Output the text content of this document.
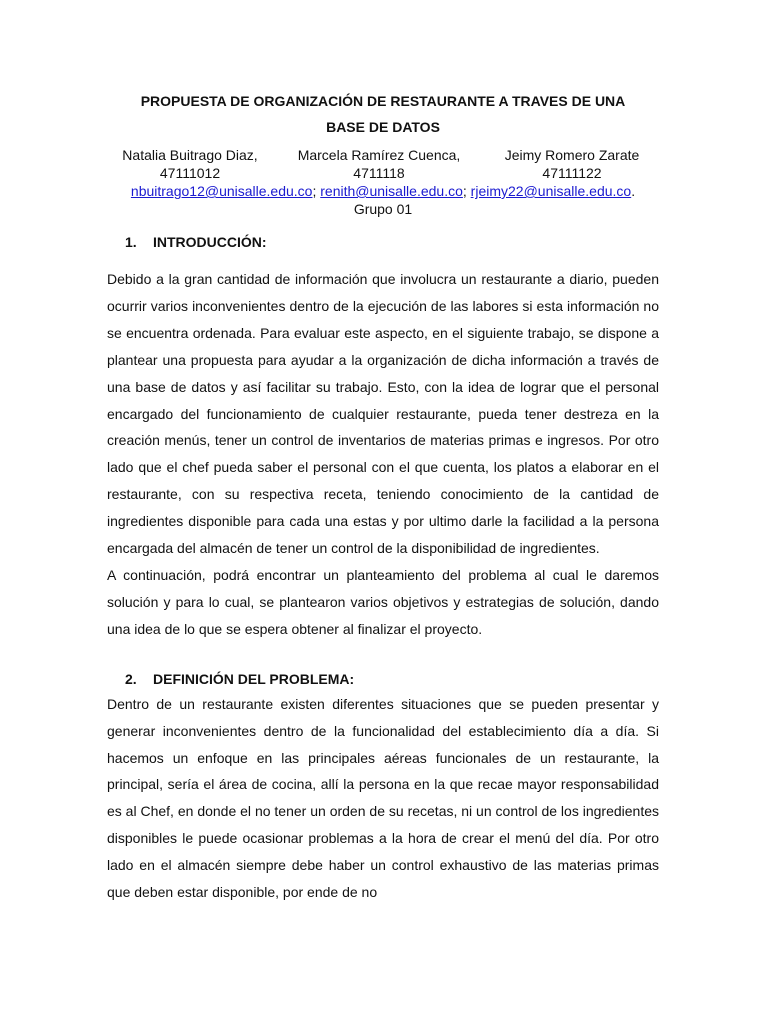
PROPUESTA DE ORGANIZACIÓN DE RESTAURANTE A TRAVES DE UNA
BASE DE DATOS

Natalia Buitrago Diaz,
47111012
Marcela Ramírez Cuenca,
4711118
Jeimy Romero Zarate
47111122
nbuitrago12@unisalle.edu.co; renith@unisalle.edu.co; rjeimy22@unisalle.edu.co.
Grupo 01

1. INTRODUCCIÓN:

Debido a la gran cantidad de información que involucra un restaurante a diario, pueden ocurrir varios inconvenientes dentro de la ejecución de las labores si esta información no se encuentra ordenada. Para evaluar este aspecto, en el siguiente trabajo, se dispone a plantear una propuesta para ayudar a la organización de dicha información a través de una base de datos y así facilitar su trabajo. Esto, con la idea de lograr que el personal encargado del funcionamiento de cualquier restaurante, pueda tener destreza en la creación menús, tener un control de inventarios de materias primas e ingresos. Por otro lado que el chef pueda saber el personal con el que cuenta, los platos a elaborar en el restaurante, con su respectiva receta, teniendo conocimiento de la cantidad de ingredientes disponible para cada una estas y por ultimo darle la facilidad a la persona encargada del almacén de tener un control de la disponibilidad de ingredientes.

A continuación, podrá encontrar un planteamiento del problema al cual le daremos solución y para lo cual, se plantearon varios objetivos y estrategias de solución, dando una idea de lo que se espera obtener al finalizar el proyecto.

2. DEFINICIÓN DEL PROBLEMA:

Dentro de un restaurante existen diferentes situaciones que se pueden presentar y generar inconvenientes dentro de la funcionalidad del establecimiento día a día. Si hacemos un enfoque en las principales aéreas funcionales de un restaurante, la principal, sería el área de cocina, allí la persona en la que recae mayor responsabilidad es al Chef, en donde el no tener un orden de su recetas, ni un control de los ingredientes disponibles le puede ocasionar problemas a la hora de crear el menú del día. Por otro lado en el almacén siempre debe haber un control exhaustivo de las materias primas que deben estar disponible, por ende de no
